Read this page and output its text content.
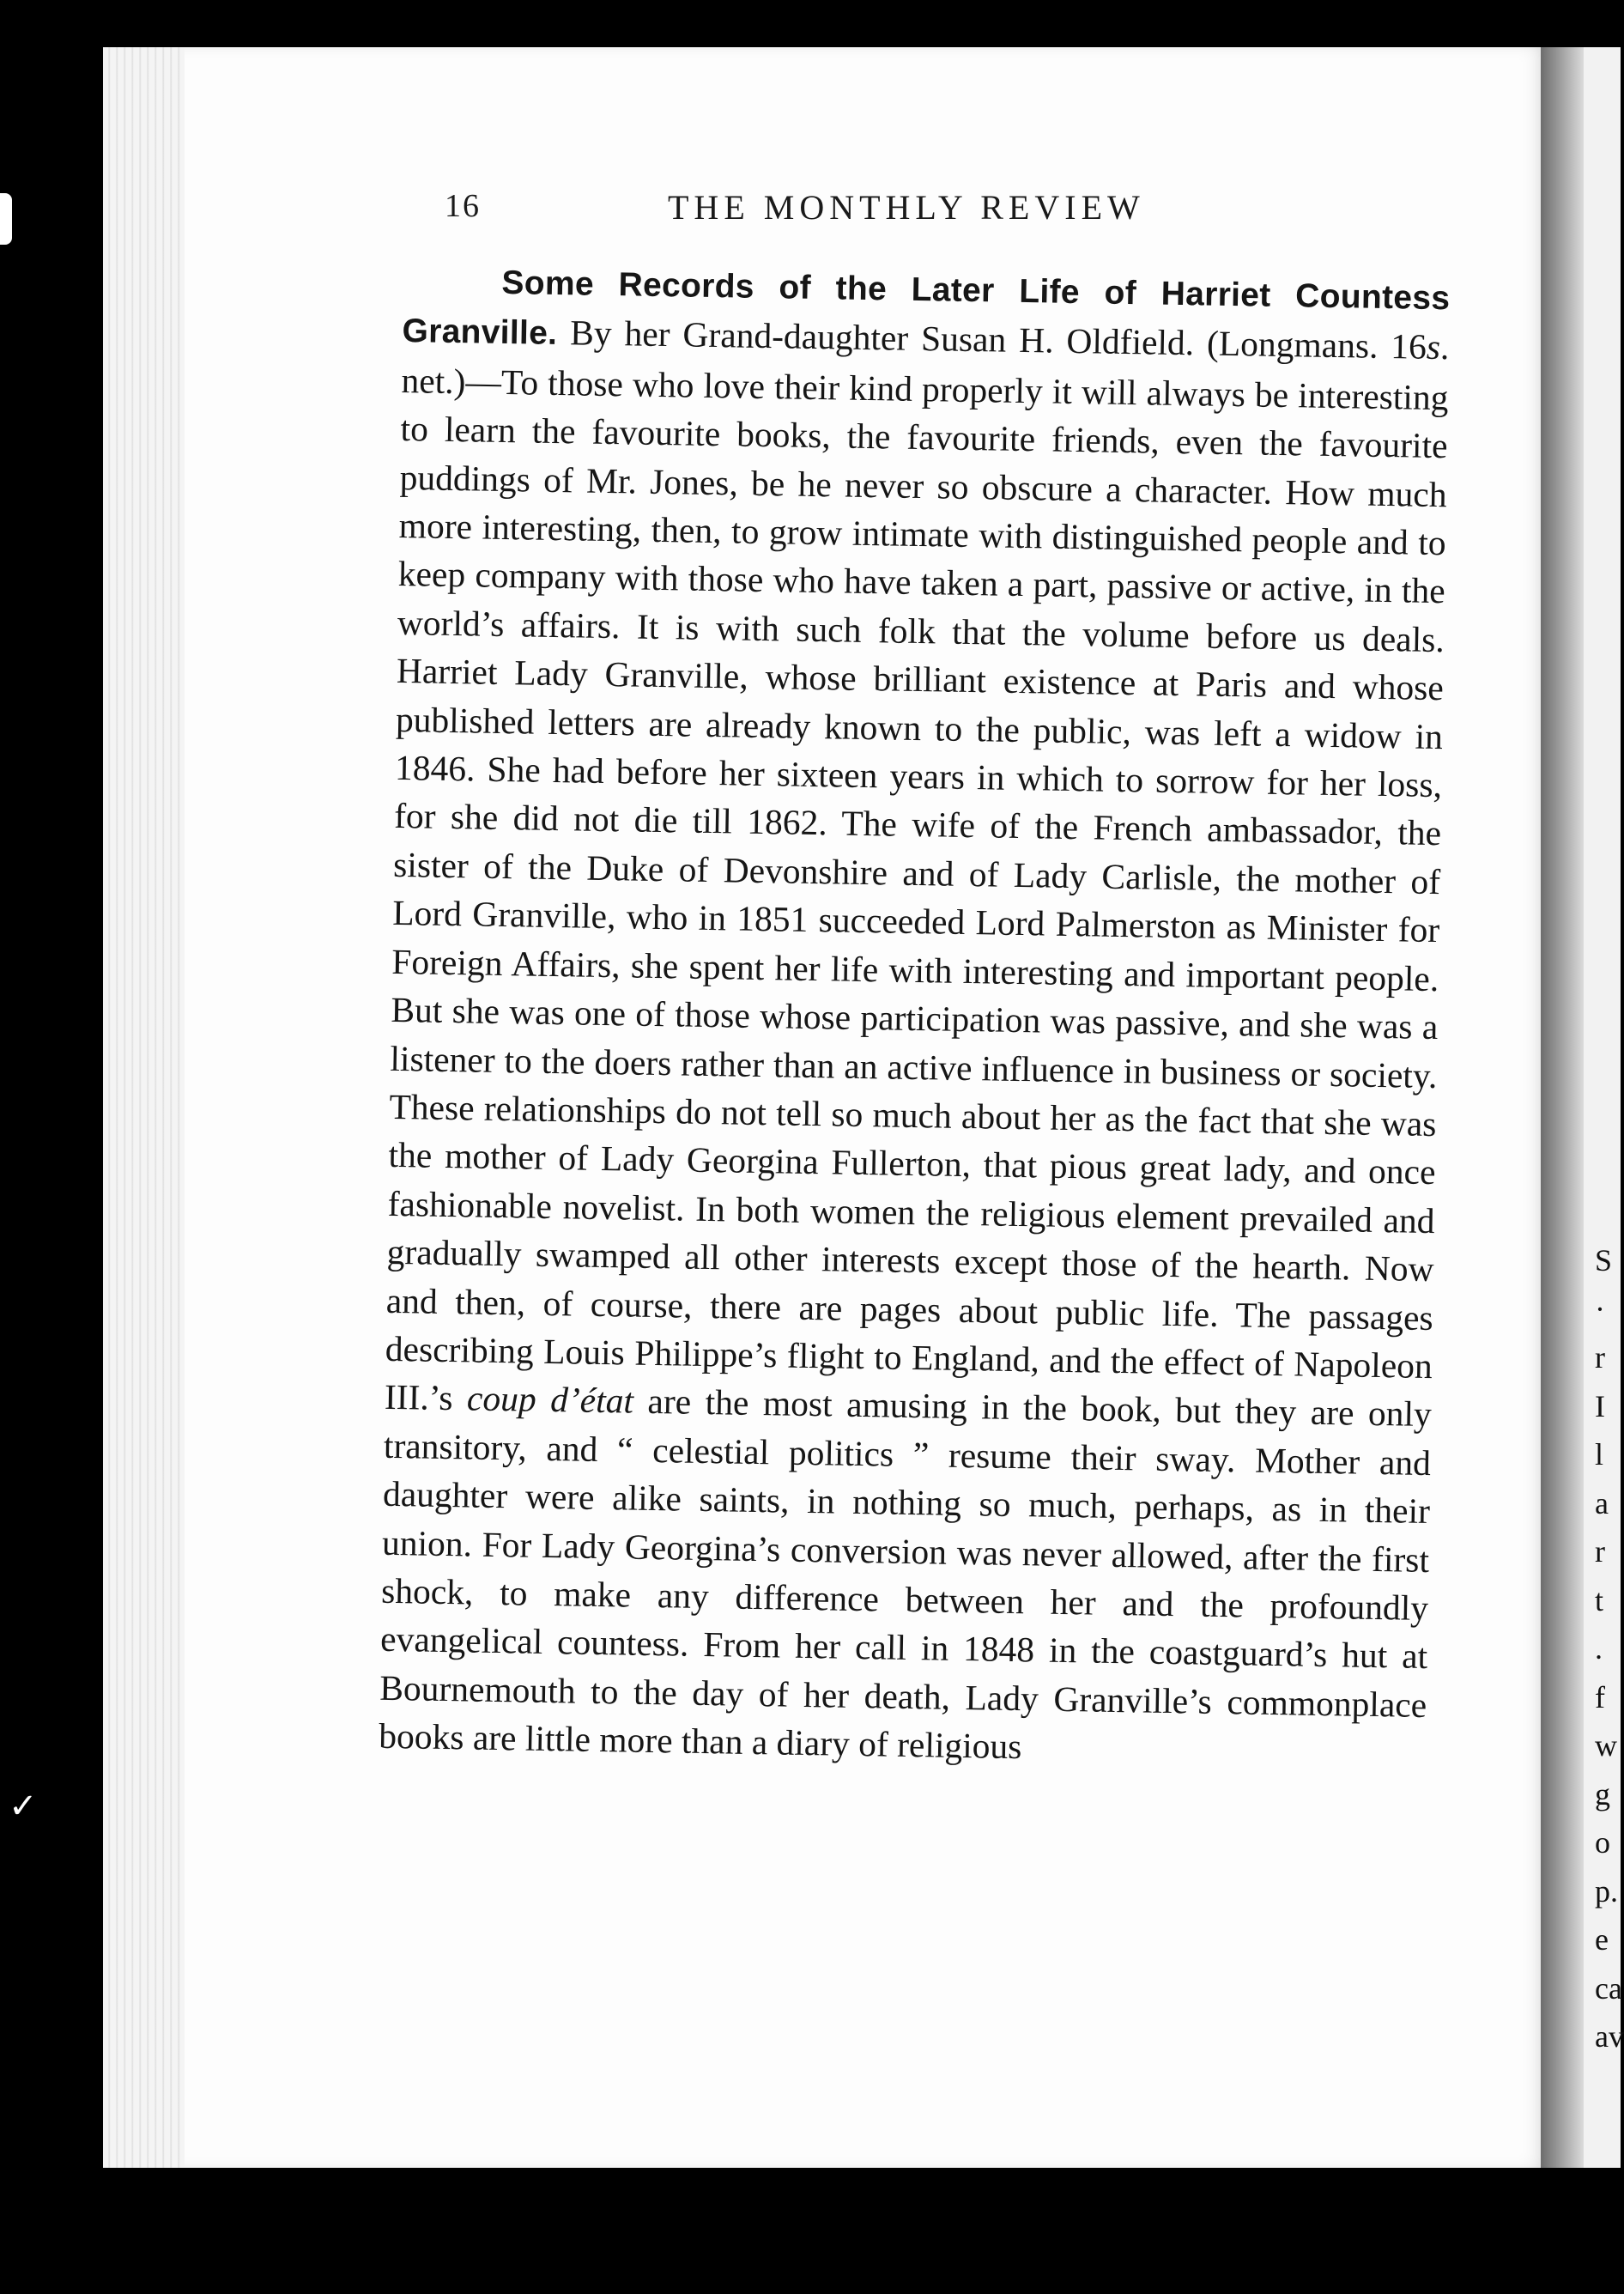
✓
S
·
r
I
l
a
r
t
.
f
w
g
o
p.
e
ca
av
16	THE MONTHLY REVIEW

Some Records of the Later Life of Harriet Countess Granville. By her Grand-daughter Susan H. Oldfield. (Longmans. 16s. net.)—To those who love their kind properly it will always be interesting to learn the favourite books, the favourite friends, even the favourite puddings of Mr. Jones, be he never so obscure a character. How much more interesting, then, to grow intimate with distinguished people and to keep company with those who have taken a part, passive or active, in the world’s affairs. It is with such folk that the volume before us deals. Harriet Lady Granville, whose brilliant existence at Paris and whose published letters are already known to the public, was left a widow in 1846. She had before her sixteen years in which to sorrow for her loss, for she did not die till 1862. The wife of the French ambassador, the sister of the Duke of Devonshire and of Lady Carlisle, the mother of Lord Granville, who in 1851 succeeded Lord Palmerston as Minister for Foreign Affairs, she spent her life with interesting and important people. But she was one of those whose participation was passive, and she was a listener to the doers rather than an active influence in business or society. These relationships do not tell so much about her as the fact that she was the mother of Lady Georgina Fullerton, that pious great lady, and once fashionable novelist. In both women the religious element prevailed and gradually swamped all other interests except those of the hearth. Now and then, of course, there are pages about public life. The passages describing Louis Philippe’s flight to England, and the effect of Napoleon III.’s coup d’état are the most amusing in the book, but they are only transitory, and “ celestial politics ” resume their sway. Mother and daughter were alike saints, in nothing so much, perhaps, as in their union. For Lady Georgina’s conversion was never allowed, after the first shock, to make any difference between her and the profoundly evangelical countess. From her call in 1848 in the coastguard’s hut at Bournemouth to the day of her death, Lady Granville’s commonplace books are little more than a diary of religious
